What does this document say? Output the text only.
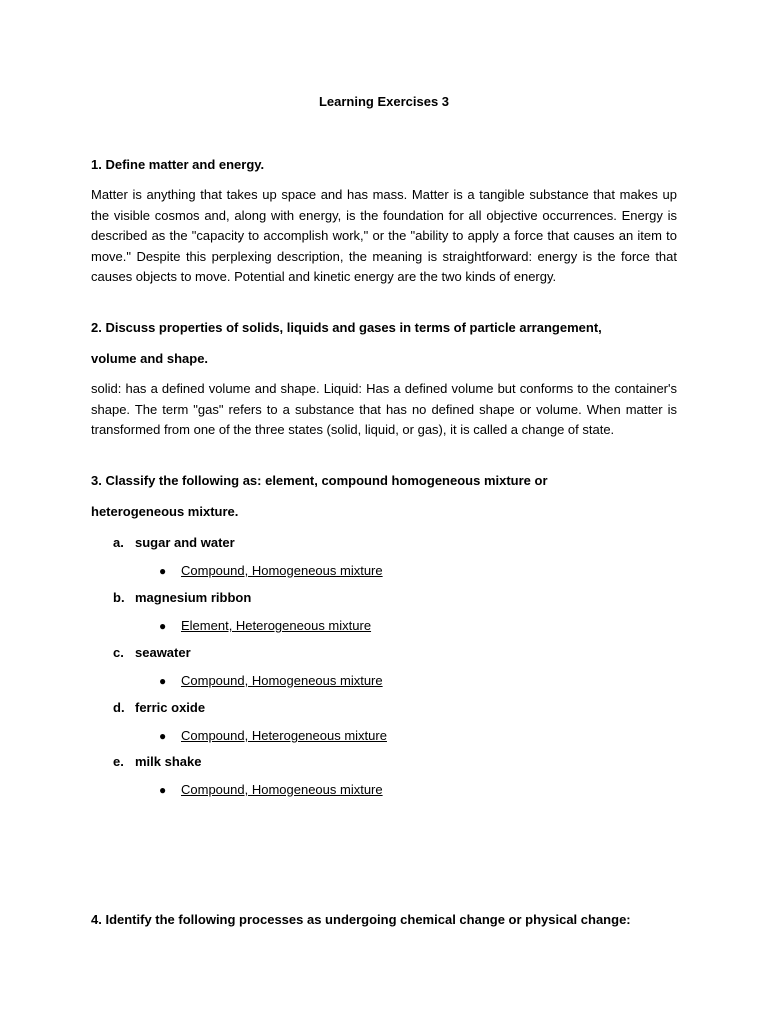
Learning Exercises 3

1. Define matter and energy.

Matter is anything that takes up space and has mass. Matter is a tangible substance that makes up the visible cosmos and, along with energy, is the foundation for all objective occurrences. Energy is described as the "capacity to accomplish work," or the "ability to apply a force that causes an item to move." Despite this perplexing description, the meaning is straightforward: energy is the force that causes objects to move. Potential and kinetic energy are the two kinds of energy.

2. Discuss properties of solids, liquids and gases in terms of particle arrangement,

volume and shape.

solid: has a defined volume and shape. Liquid: Has a defined volume but conforms to the container's shape. The term "gas" refers to a substance that has no defined shape or volume. When matter is transformed from one of the three states (solid, liquid, or gas), it is called a change of state.

3. Classify the following as: element, compound homogeneous mixture or

heterogeneous mixture.

a. sugar and water
● Compound, Homogeneous mixture
b. magnesium ribbon
● Element, Heterogeneous mixture
c. seawater
● Compound, Homogeneous mixture
d. ferric oxide
● Compound, Heterogeneous mixture
e. milk shake
● Compound, Homogeneous mixture

4. Identify the following processes as undergoing chemical change or physical change:
